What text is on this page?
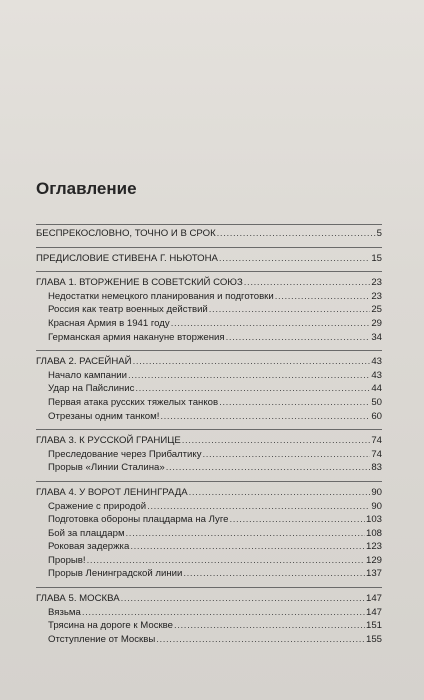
Оглавление
БЕСПРЕКОСЛОВНО, ТОЧНО И В СРОК .....	5
ПРЕДИСЛОВИЕ СТИВЕНА Г. НЬЮТОНА .....	15
ГЛАВА 1. ВТОРЖЕНИЕ В СОВЕТСКИЙ СОЮЗ .....	23
Недостатки немецкого планирования и подготовки .....	23
Россия как театр военных действий .....	25
Красная Армия в 1941 году .....	29
Германская армия накануне вторжения .....	34
ГЛАВА 2. РАСЕЙНАЙ .....	43
Начало кампании .....	43
Удар на Пайслинис .....	44
Первая атака русских тяжелых танков .....	50
Отрезаны одним танком! .....	60
ГЛАВА 3. К РУССКОЙ ГРАНИЦЕ .....	74
Преследование через Прибалтику .....	74
Прорыв «Линии Сталина» .....	83
ГЛАВА 4. У ВОРОТ ЛЕНИНГРАДА .....	90
Сражение с природой .....	90
Подготовка обороны плацдарма на Луге .....	103
Бой за плацдарм .....	108
Роковая задержка .....	123
Прорыв! .....	129
Прорыв Ленинградской линии .....	137
ГЛАВА 5. МОСКВА .....	147
Вязьма .....	147
Трясина на дороге к Москве .....	151
Отступление от Москвы .....	155
